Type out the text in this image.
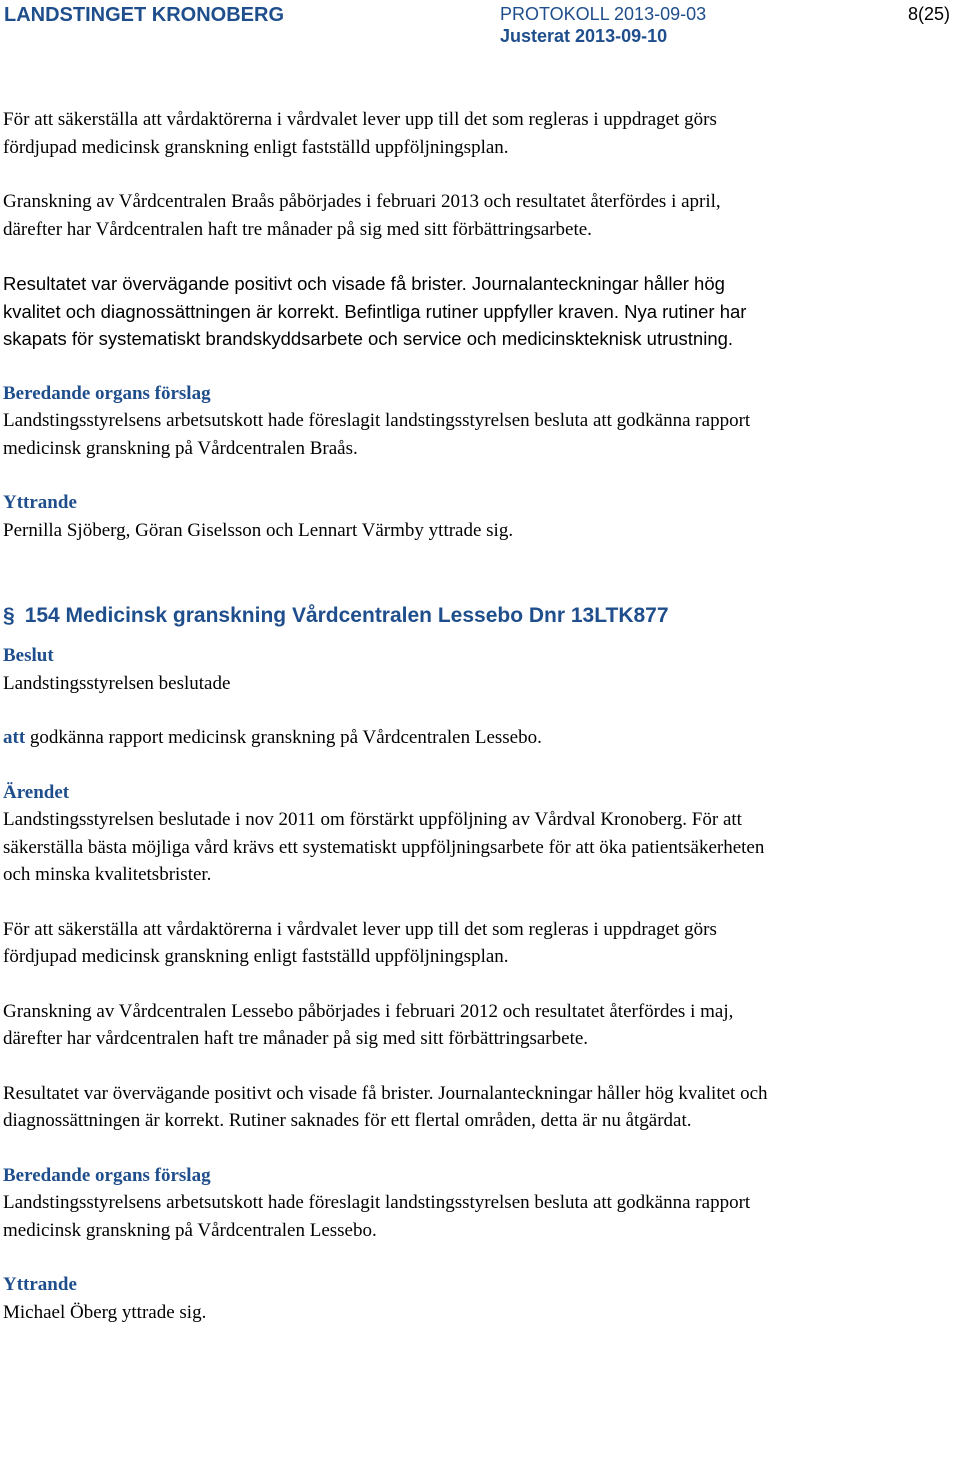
LANDSTINGET KRONOBERG	PROTOKOLL 2013-09-03
Justerat 2013-09-10
8(25)

För att säkerställa att vårdaktörerna i vårdvalet lever upp till det som regleras i uppdraget görs fördjupad medicinsk granskning enligt fastställd uppföljningsplan.

Granskning av Vårdcentralen Braås påbörjades i februari 2013 och resultatet återfördes i april, därefter har Vårdcentralen haft tre månader på sig med sitt förbättringsarbete.

Resultatet var övervägande positivt och visade få brister. Journalanteckningar håller hög kvalitet och diagnossättningen är korrekt. Befintliga rutiner uppfyller kraven. Nya rutiner har skapats för systematiskt brandskyddsarbete och service och medicinskteknisk utrustning.

Beredande organs förslag
Landstingsstyrelsens arbetsutskott hade föreslagit landstingsstyrelsen besluta att godkänna rapport medicinsk granskning på Vårdcentralen Braås.

Yttrande
Pernilla Sjöberg, Göran Giselsson och Lennart Värmby yttrade sig.

§ 154 Medicinsk granskning Vårdcentralen Lessebo Dnr 13LTK877

Beslut
Landstingsstyrelsen beslutade

att godkänna rapport medicinsk granskning på Vårdcentralen Lessebo.

Ärendet
Landstingsstyrelsen beslutade i nov 2011 om förstärkt uppföljning av Vårdval Kronoberg. För att säkerställa bästa möjliga vård krävs ett systematiskt uppföljningsarbete för att öka patientsäkerheten och minska kvalitetsbrister.

För att säkerställa att vårdaktörerna i vårdvalet lever upp till det som regleras i uppdraget görs fördjupad medicinsk granskning enligt fastställd uppföljningsplan.

Granskning av Vårdcentralen Lessebo påbörjades i februari 2012 och resultatet återfördes i maj, därefter har vårdcentralen haft tre månader på sig med sitt förbättringsarbete.

Resultatet var övervägande positivt och visade få brister. Journalanteckningar håller hög kvalitet och diagnossättningen är korrekt. Rutiner saknades för ett flertal områden, detta är nu åtgärdat.

Beredande organs förslag
Landstingsstyrelsens arbetsutskott hade föreslagit landstingsstyrelsen besluta att godkänna rapport medicinsk granskning på Vårdcentralen Lessebo.

Yttrande
Michael Öberg yttrade sig.
